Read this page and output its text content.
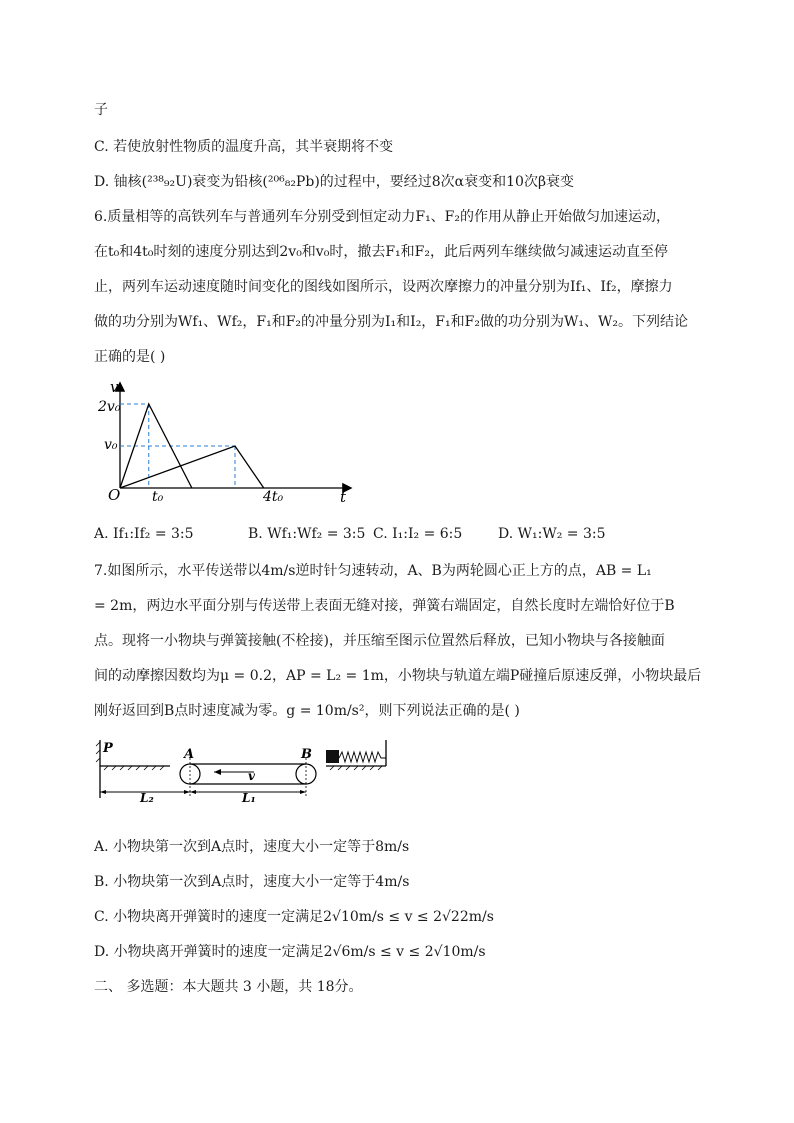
子
C. 若使放射性物质的温度升高，其半衰期将不变
D. 铀核(²³⁸₉₂U)衰变为铅核(²⁰⁶₈₂Pb)的过程中，要经过8次α衰变和10次β衰变
6.质量相等的高铁列车与普通列车分别受到恒定动力F₁、F₂的作用从静止开始做匀加速运动，
在t₀和4t₀时刻的速度分别达到2v₀和v₀时，撤去F₁和F₂，此后两列车继续做匀减速运动直至停
止，两列车运动速度随时间变化的图线如图所示，设两次摩擦力的冲量分别为If₁、If₂，摩擦力
做的功分别为Wf₁、Wf₂，F₁和F₂的冲量分别为I₁和I₂，F₁和F₂做的功分别为W₁、W₂。下列结论
正确的是( )
v
t
O
2v₀
v₀
t₀	4t₀
A. If₁:If₂ = 3:5	B. Wf₁:Wf₂ = 3:5 C. I₁:I₂ = 6:5	D. W₁:W₂ = 3:5
7.如图所示，水平传送带以4m/s逆时针匀速转动，A、B为两轮圆心正上方的点，AB = L₁
= 2m，两边水平面分别与传送带上表面无缝对接，弹簧右端固定，自然长度时左端恰好位于B
点。现将一小物块与弹簧接触(不栓接)，并压缩至图示位置然后释放，已知小物块与各接触面
间的动摩擦因数均为μ = 0.2，AP = L₂ = 1m，小物块与轨道左端P碰撞后原速反弹，小物块最后
刚好返回到B点时速度减为零。g = 10m/s²，则下列说法正确的是( )
P	A	B
v
L₂	L₁
A. 小物块第一次到A点时，速度大小一定等于8m/s
B. 小物块第一次到A点时，速度大小一定等于4m/s
C. 小物块离开弹簧时的速度一定满足2√10m/s ≤ v ≤ 2√22m/s
D. 小物块离开弹簧时的速度一定满足2√6m/s ≤ v ≤ 2√10m/s
二、 多选题：本大题共 3 小题，共 18分。
